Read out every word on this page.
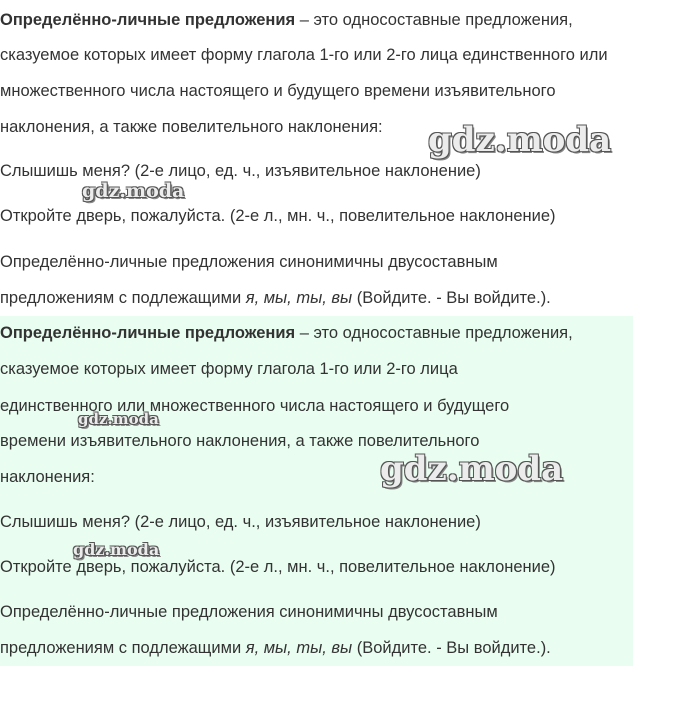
Определённо-личные предложения – это односоставные предложения,
сказуемое которых имеет форму глагола 1-го или 2-го лица единственного или
множественного числа настоящего и будущего времени изъявительного
наклонения, а также повелительного наклонения:
Слышишь меня? (2-е лицо, ед. ч., изъявительное наклонение)
Откройте дверь, пожалуйста. (2-е л., мн. ч., повелительное наклонение)
Определённо-личные предложения синонимичны двусоставным
предложениям с подлежащими я, мы, ты, вы (Войдите. - Вы войдите.).
Определённо-личные предложения – это односоставные предложения,
сказуемое которых имеет форму глагола 1-го или 2-го лица
единственного или множественного числа настоящего и будущего
времени изъявительного наклонения, а также повелительного
наклонения:
Слышишь меня? (2-е лицо, ед. ч., изъявительное наклонение)
Откройте дверь, пожалуйста. (2-е л., мн. ч., повелительное наклонение)
Определённо-личные предложения синонимичны двусоставным
предложениям с подлежащими я, мы, ты, вы (Войдите. - Вы войдите.).
gdz.moda
gdz.moda
gdz.moda
gdz.moda
gdz.moda
